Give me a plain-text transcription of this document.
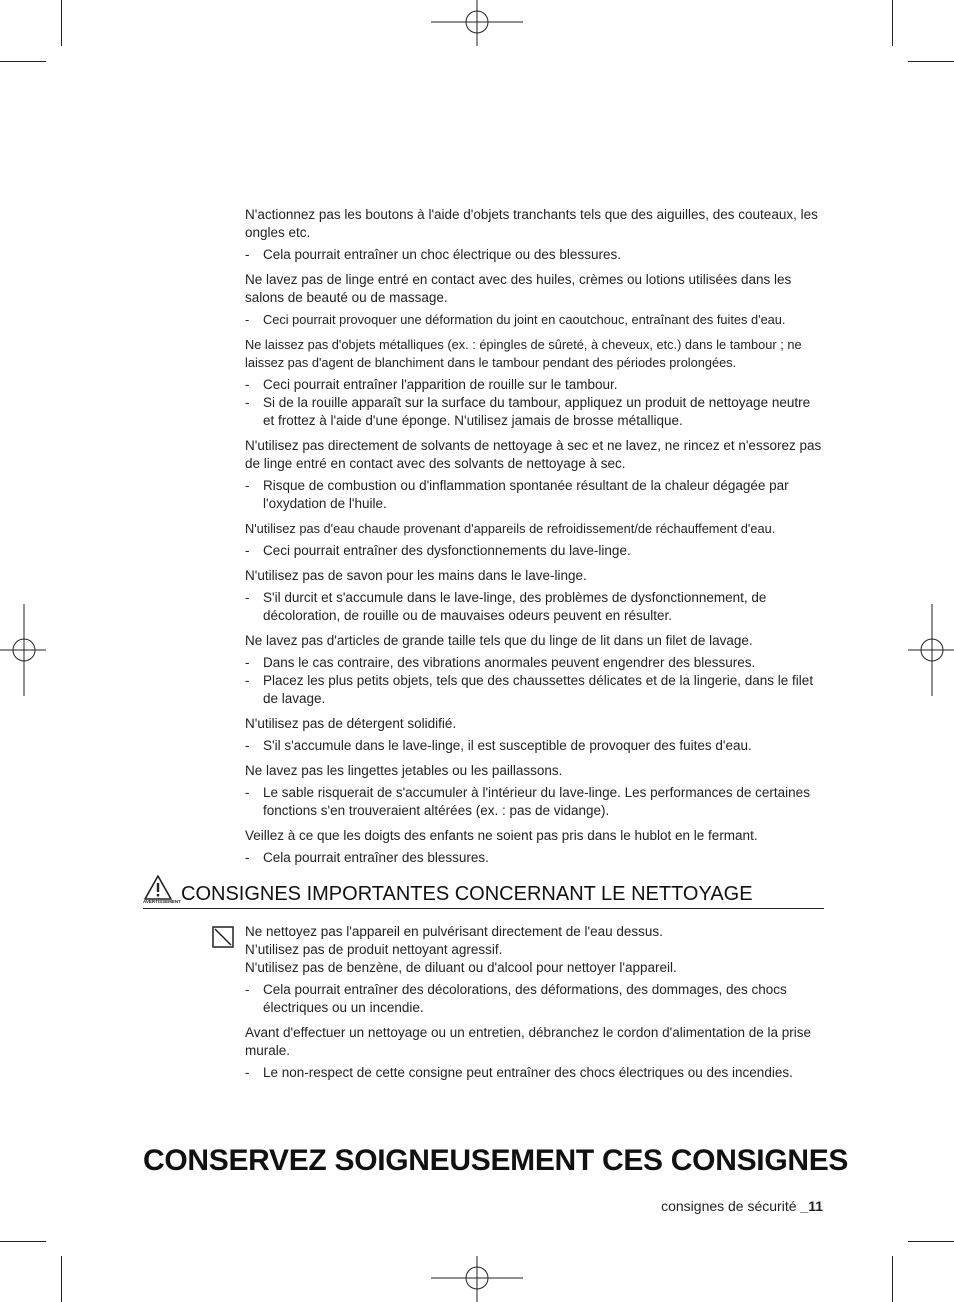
N'actionnez pas les boutons à l'aide d'objets tranchants tels que des aiguilles, des couteaux, les ongles etc.

- Cela pourrait entraîner un choc électrique ou des blessures.

Ne lavez pas de linge entré en contact avec des huiles, crèmes ou lotions utilisées dans les salons de beauté ou de massage.

- Ceci pourrait provoquer une déformation du joint en caoutchouc, entraînant des fuites d'eau.

Ne laissez pas d'objets métalliques (ex. : épingles de sûreté, à cheveux, etc.) dans le tambour ; ne laissez pas d'agent de blanchiment dans le tambour pendant des périodes prolongées.

- Ceci pourrait entraîner l'apparition de rouille sur le tambour.
- Si de la rouille apparaît sur la surface du tambour, appliquez un produit de nettoyage neutre et frottez à l'aide d'une éponge. N'utilisez jamais de brosse métallique.

N'utilisez pas directement de solvants de nettoyage à sec et ne lavez, ne rincez et n'essorez pas de linge entré en contact avec des solvants de nettoyage à sec.

- Risque de combustion ou d'inflammation spontanée résultant de la chaleur dégagée par l'oxydation de l'huile.

N'utilisez pas d'eau chaude provenant d'appareils de refroidissement/de réchauffement d'eau.

- Ceci pourrait entraîner des dysfonctionnements du lave-linge.

N'utilisez pas de savon pour les mains dans le lave-linge.

- S'il durcit et s'accumule dans le lave-linge, des problèmes de dysfonctionnement, de décoloration, de rouille ou de mauvaises odeurs peuvent en résulter.

Ne lavez pas d'articles de grande taille tels que du linge de lit dans un filet de lavage.

- Dans le cas contraire, des vibrations anormales peuvent engendrer des blessures.
- Placez les plus petits objets, tels que des chaussettes délicates et de la lingerie, dans le filet de lavage.

N'utilisez pas de détergent solidifié.

- S'il s'accumule dans le lave-linge, il est susceptible de provoquer des fuites d'eau.

Ne lavez pas les lingettes jetables ou les paillassons.

- Le sable risquerait de s'accumuler à l'intérieur du lave-linge. Les performances de certaines fonctions s'en trouveraient altérées (ex. : pas de vidange).

Veillez à ce que les doigts des enfants ne soient pas pris dans le hublot en le fermant.

- Cela pourrait entraîner des blessures.
AVERTISSEMENT CONSIGNES IMPORTANTES CONCERNANT LE NETTOYAGE

Ne nettoyez pas l'appareil en pulvérisant directement de l'eau dessus.

N’utilisez pas de produit nettoyant agressif.

N'utilisez pas de benzène, de diluant ou d'alcool pour nettoyer l'appareil.

- Cela pourrait entraîner des décolorations, des déformations, des dommages, des chocs électriques ou un incendie.

Avant d'effectuer un nettoyage ou un entretien, débranchez le cordon d'alimentation de la prise murale.

- Le non-respect de cette consigne peut entraîner des chocs électriques ou des incendies.
CONSERVEZ SOIGNEUSEMENT CES CONSIGNES
consignes de sécurité _11
